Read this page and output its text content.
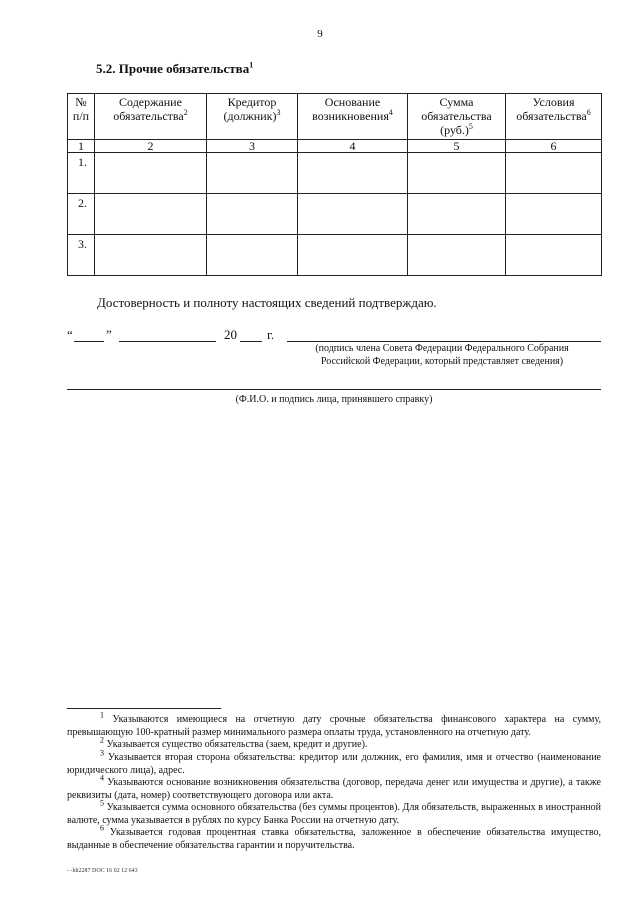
9
5.2. Прочие обязательства$^1$
№ п/п	Содержание обязательства$^2$	Кредитор (должник)$^3$	Основание возникновения$^4$	Сумма обязательства $(руб.)^5$	Условия обязательства$^6$
1	2	3	4	5	6
1.					
2.					
3.					
Достоверность и полноту настоящих сведений подтверждаю.
“	”	20 г.
(подпись члена Совета Федерации Федерального Собрания Российской Федерации, который представляет сведения)
(Ф.И.О. и подпись лица, принявшего справку)
$^1$ Указываются имеющиеся на отчетную дату срочные обязательства финансового характера на сумму, превышающую 100-кратный размер минимального размера оплаты труда, установленного на отчетную дату.
$^2$ Указывается существо обязательства (заем, кредит и другие).
$^3$ Указывается вторая сторона обязательства: кредитор или должник, его фамилия, имя и отчество (наименование юридического лица), адрес.
$^4$ Указываются основание возникновения обязательства (договор, передача денег или имущества и другие), а также реквизиты (дата, номер) соответствующего договора или акта.
$^5$ Указывается сумма основного обязательства (без суммы процентов). Для обязательств, выраженных в иностранной валюте, сумма указывается в рублях по курсу Банка России на отчетную дату.
$^6$ Указывается годовая процентная ставка обязательства, заложенное в обеспечение обязательства имущество, выданные в обеспечение обязательства гарантии и поручительства.
- -hh2287 DOC 16 02 12 643
